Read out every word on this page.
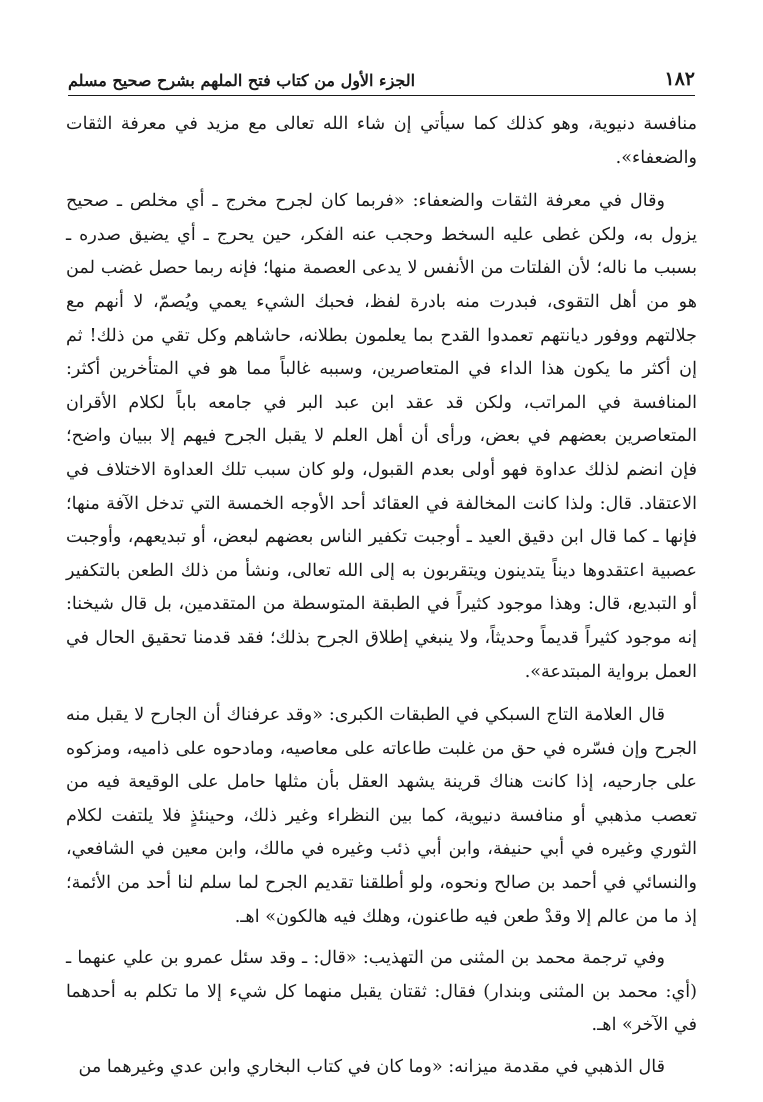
١٨٢
الجزء الأول من كتاب فتح الملهم بشرح صحيح مسلم

منافسة دنيوية، وهو كذلك كما سيأتي إن شاء الله تعالى مع مزيد في معرفة الثقات والضعفاء».

وقال في معرفة الثقات والضعفاء: «فربما كان لجرح مخرج ـ أي مخلص ـ صحيح يزول به، ولكن غطى عليه السخط وحجب عنه الفكر، حين يحرج ـ أي يضيق صدره ـ بسبب ما ناله؛ لأن الفلتات من الأنفس لا يدعى العصمة منها؛ فإنه ربما حصل غضب لمن هو من أهل التقوى، فبدرت منه بادرة لفظ، فحبك الشيء يعمي ويُصمّ، لا أنهم مع جلالتهم ووفور ديانتهم تعمدوا القدح بما يعلمون بطلانه، حاشاهم وكل تقي من ذلك! ثم إن أكثر ما يكون هذا الداء في المتعاصرين، وسببه غالباً مما هو في المتأخرين أكثر: المنافسة في المراتب، ولكن قد عقد ابن عبد البر في جامعه باباً لكلام الأقران المتعاصرين بعضهم في بعض، ورأى أن أهل العلم لا يقبل الجرح فيهم إلا ببيان واضح؛ فإن انضم لذلك عداوة فهو أولى بعدم القبول، ولو كان سبب تلك العداوة الاختلاف في الاعتقاد. قال: ولذا كانت المخالفة في العقائد أحد الأوجه الخمسة التي تدخل الآفة منها؛ فإنها ـ كما قال ابن دقيق العيد ـ أوجبت تكفير الناس بعضهم لبعض، أو تبديعهم، وأوجبت عصبية اعتقدوها ديناً يتدينون ويتقربون به إلى الله تعالى، ونشأ من ذلك الطعن بالتكفير أو التبديع، قال: وهذا موجود كثيراً في الطبقة المتوسطة من المتقدمين، بل قال شيخنا: إنه موجود كثيراً قديماً وحديثاً، ولا ينبغي إطلاق الجرح بذلك؛ فقد قدمنا تحقيق الحال في العمل برواية المبتدعة».

قال العلامة التاج السبكي في الطبقات الكبرى: «وقد عرفناك أن الجارح لا يقبل منه الجرح وإن فسّره في حق من غلبت طاعاته على معاصيه، ومادحوه على ذاميه، ومزكوه على جارحيه، إذا كانت هناك قرينة يشهد العقل بأن مثلها حامل على الوقيعة فيه من تعصب مذهبي أو منافسة دنيوية، كما بين النظراء وغير ذلك، وحينئذٍ فلا يلتفت لكلام الثوري وغيره في أبي حنيفة، وابن أبي ذئب وغيره في مالك، وابن معين في الشافعي، والنسائي في أحمد بن صالح ونحوه، ولو أطلقنا تقديم الجرح لما سلم لنا أحد من الأئمة؛ إذ ما من عالم إلا وقدْ طعن فيه طاعنون، وهلك فيه هالكون» اهـ.

وفي ترجمة محمد بن المثنى من التهذيب: «قال: ـ وقد سئل عمرو بن علي عنهما ـ (أي: محمد بن المثنى وبندار) فقال: ثقتان يقبل منهما كل شيء إلا ما تكلم به أحدهما في الآخر» اهـ.

قال الذهبي في مقدمة ميزانه: «وما كان في كتاب البخاري وابن عدي وغيرهما من
